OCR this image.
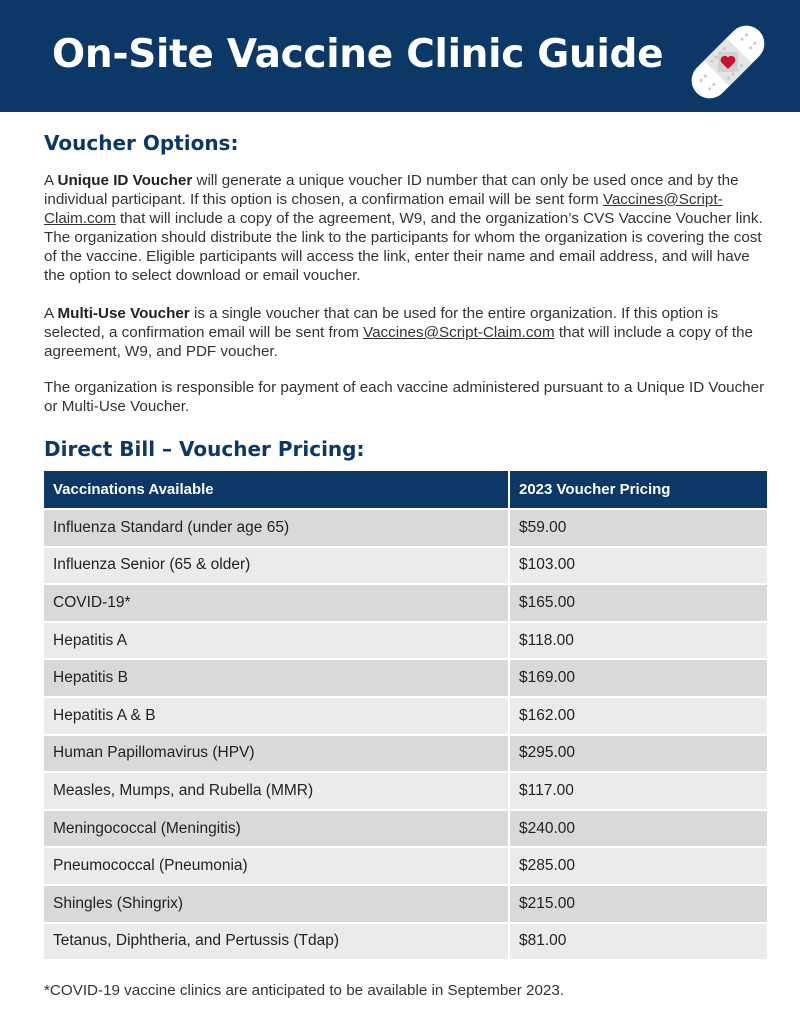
On-Site Vaccine Clinic Guide
Voucher Options:

A Unique ID Voucher will generate a unique voucher ID number that can only be used once and by the individual participant. If this option is chosen, a confirmation email will be sent form Vaccines@Script-Claim.com that will include a copy of the agreement, W9, and the organization’s CVS Vaccine Voucher link. The organization should distribute the link to the participants for whom the organization is covering the cost of the vaccine. Eligible participants will access the link, enter their name and email address, and will have the option to select download or email voucher.

A Multi-Use Voucher is a single voucher that can be used for the entire organization. If this option is selected, a confirmation email will be sent from Vaccines@Script-Claim.com that will include a copy of the agreement, W9, and PDF voucher.

The organization is responsible for payment of each vaccine administered pursuant to a Unique ID Voucher or Multi-Use Voucher.

Direct Bill – Voucher Pricing:
Vaccinations Available	2023 Voucher Pricing
Influenza Standard (under age 65)	$59.00
Influenza Senior (65 & older)	$103.00
COVID-19*	$165.00
Hepatitis A	$118.00
Hepatitis B	$169.00
Hepatitis A & B	$162.00
Human Papillomavirus (HPV)	$295.00
Measles, Mumps, and Rubella (MMR)	$117.00
Meningococcal (Meningitis)	$240.00
Pneumococcal (Pneumonia)	$285.00
Shingles (Shingrix)	$215.00
Tetanus, Diphtheria, and Pertussis (Tdap)	$81.00

*COVID-19 vaccine clinics are anticipated to be available in September 2023.
